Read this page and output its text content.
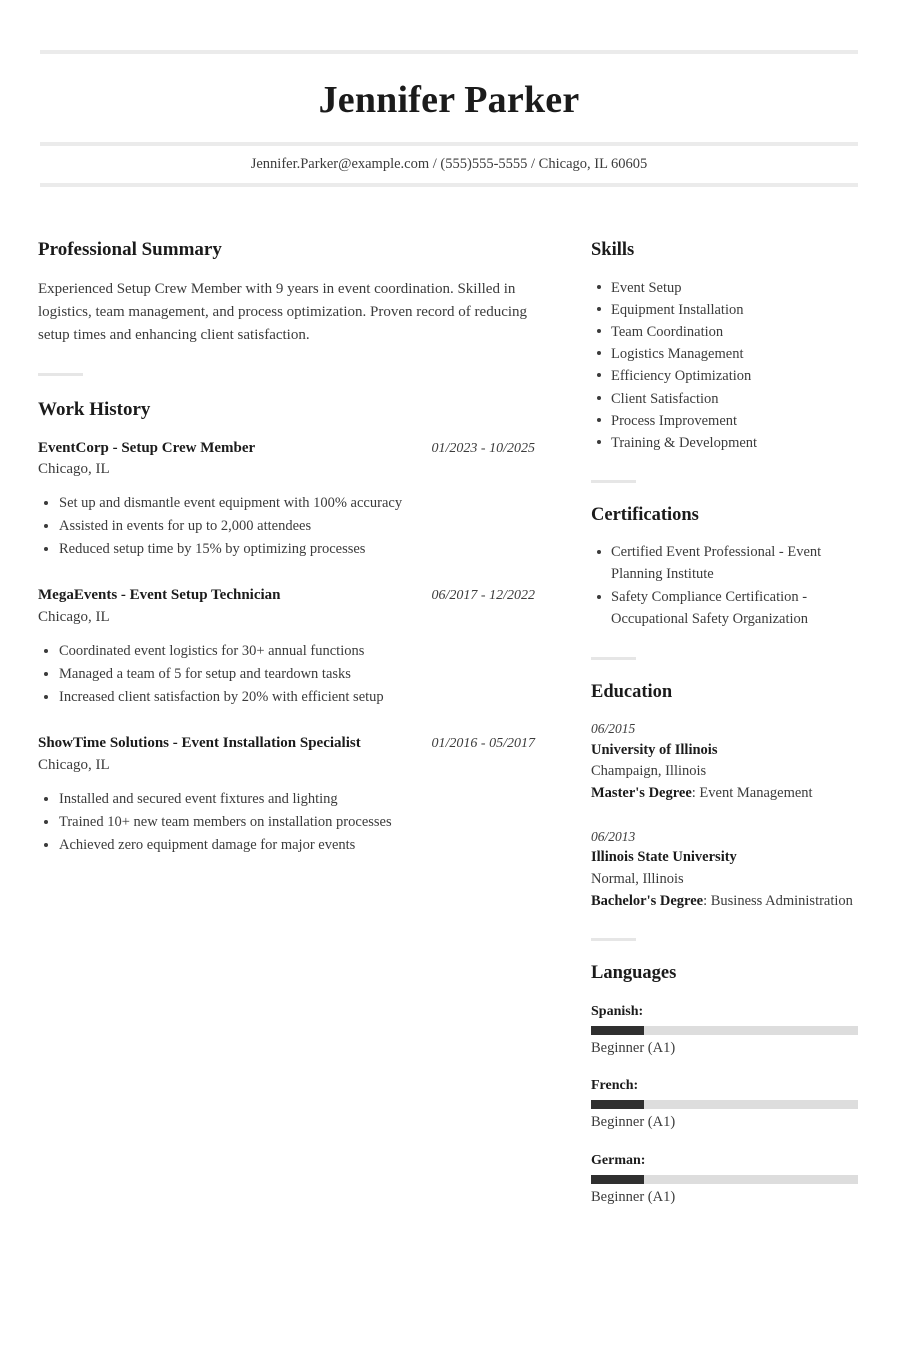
Jennifer Parker
Jennifer.Parker@example.com / (555)555-5555 / Chicago, IL 60605
Professional Summary

Experienced Setup Crew Member with 9 years in event coordination. Skilled in logistics, team management, and process optimization. Proven record of reducing setup times and enhancing client satisfaction.

Work History
EventCorp - Setup Crew Member	01/2023 - 10/2025
Chicago, IL
Set up and dismantle event equipment with 100% accuracy
Assisted in events for up to 2,000 attendees
Reduced setup time by 15% by optimizing processes
MegaEvents - Event Setup Technician	06/2017 - 12/2022
Chicago, IL
Coordinated event logistics for 30+ annual functions
Managed a team of 5 for setup and teardown tasks
Increased client satisfaction by 20% with efficient setup
ShowTime Solutions - Event Installation Specialist	01/2016 - 05/2017
Chicago, IL
Installed and secured event fixtures and lighting
Trained 10+ new team members on installation processes
Achieved zero equipment damage for major events
Skills
Event Setup
Equipment Installation
Team Coordination
Logistics Management
Efficiency Optimization
Client Satisfaction
Process Improvement
Training & Development
Certifications
Certified Event Professional - Event Planning Institute
Safety Compliance Certification - Occupational Safety Organization
Education
06/2015
University of Illinois
Champaign, Illinois
Master's Degree: Event Management
06/2013
Illinois State University
Normal, Illinois
Bachelor's Degree: Business Administration
Languages
Spanish:
Beginner (A1)
French:
Beginner (A1)
German:
Beginner (A1)
